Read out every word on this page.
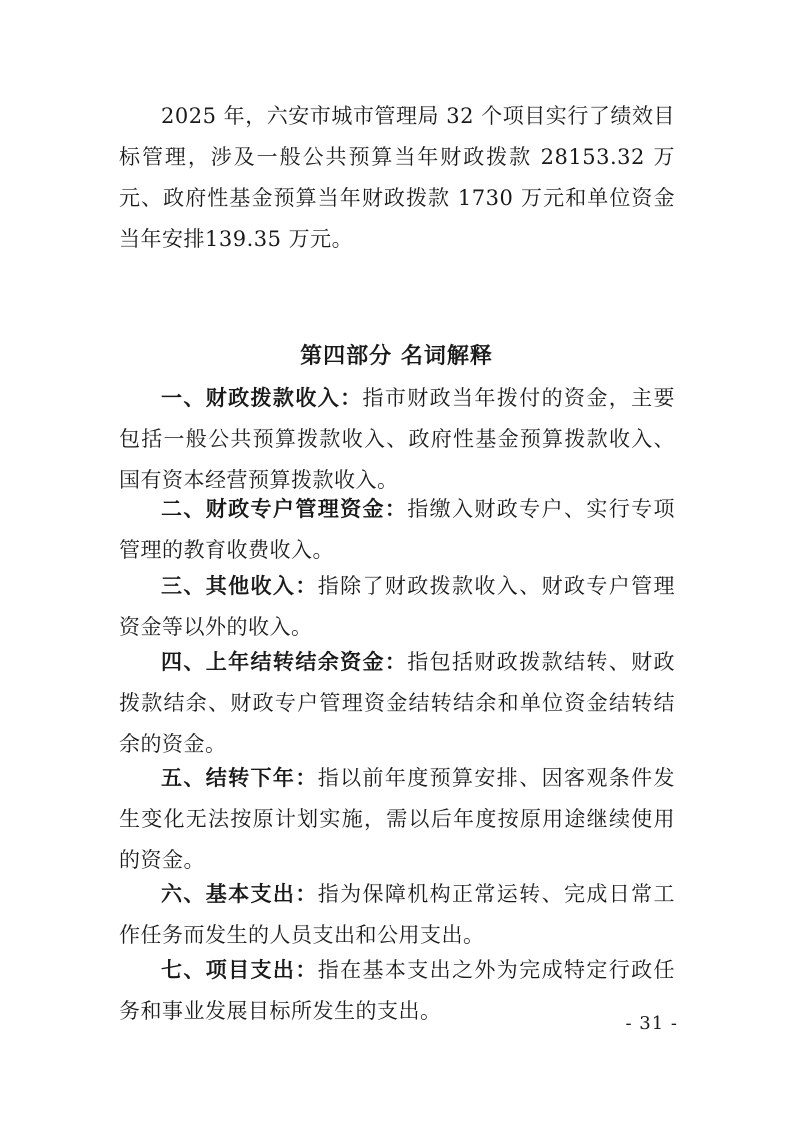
2025 年，六安市城市管理局 32 个项目实行了绩效目标管理，涉及一般公共预算当年财政拨款 28153.32 万元、政府性基金预算当年财政拨款 1730 万元和单位资金当年安排139.35 万元。

第四部分 名词解释

一、财政拨款收入：指市财政当年拨付的资金，主要包括一般公共预算拨款收入、政府性基金预算拨款收入、国有资本经营预算拨款收入。

二、财政专户管理资金：指缴入财政专户、实行专项管理的教育收费收入。

三、其他收入：指除了财政拨款收入、财政专户管理资金等以外的收入。

四、上年结转结余资金：指包括财政拨款结转、财政拨款结余、财政专户管理资金结转结余和单位资金结转结余的资金。

五、结转下年：指以前年度预算安排、因客观条件发生变化无法按原计划实施，需以后年度按原用途继续使用的资金。

六、基本支出：指为保障机构正常运转、完成日常工作任务而发生的人员支出和公用支出。

七、项目支出：指在基本支出之外为完成特定行政任务和事业发展目标所发生的支出。

- 31 -
